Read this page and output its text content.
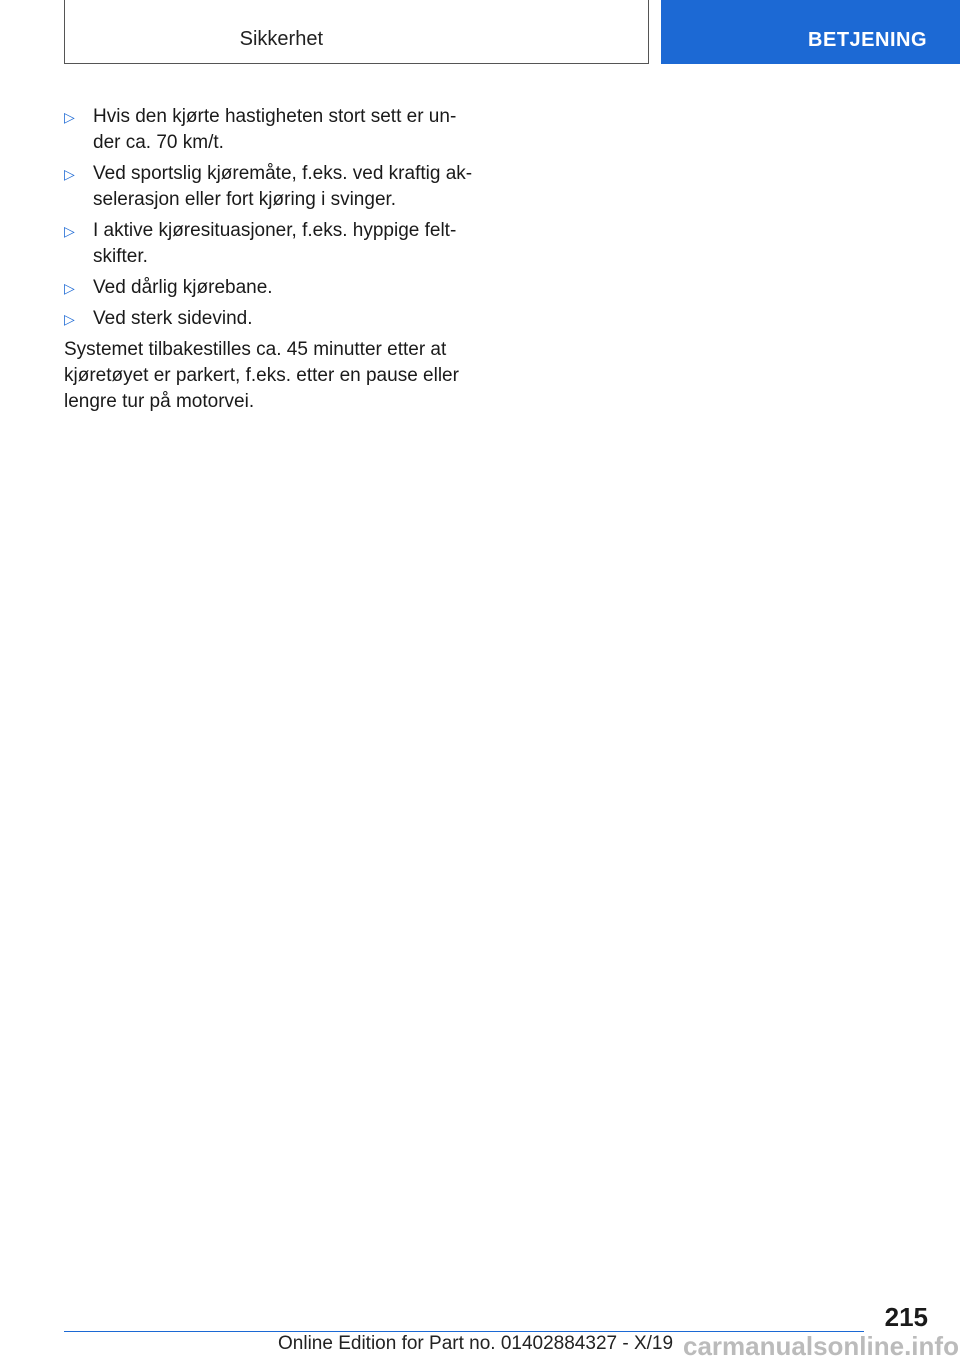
Sikkerhet	BETJENING
▷ Hvis den kjørte hastigheten stort sett er un-
der ca. 70 km/t.
▷ Ved sportslig kjøremåte, f.eks. ved kraftig ak-
selerasjon eller fort kjøring i svinger.
▷ I aktive kjøresituasjoner, f.eks. hyppige felt-
skifter.
▷ Ved dårlig kjørebane.
▷ Ved sterk sidevind.

Systemet tilbakestilles ca. 45 minutter etter at
kjøretøyet er parkert, f.eks. etter en pause eller
lengre tur på motorvei.

215
Online Edition for Part no. 01402884327 - X/19 carmanualsonline.info
